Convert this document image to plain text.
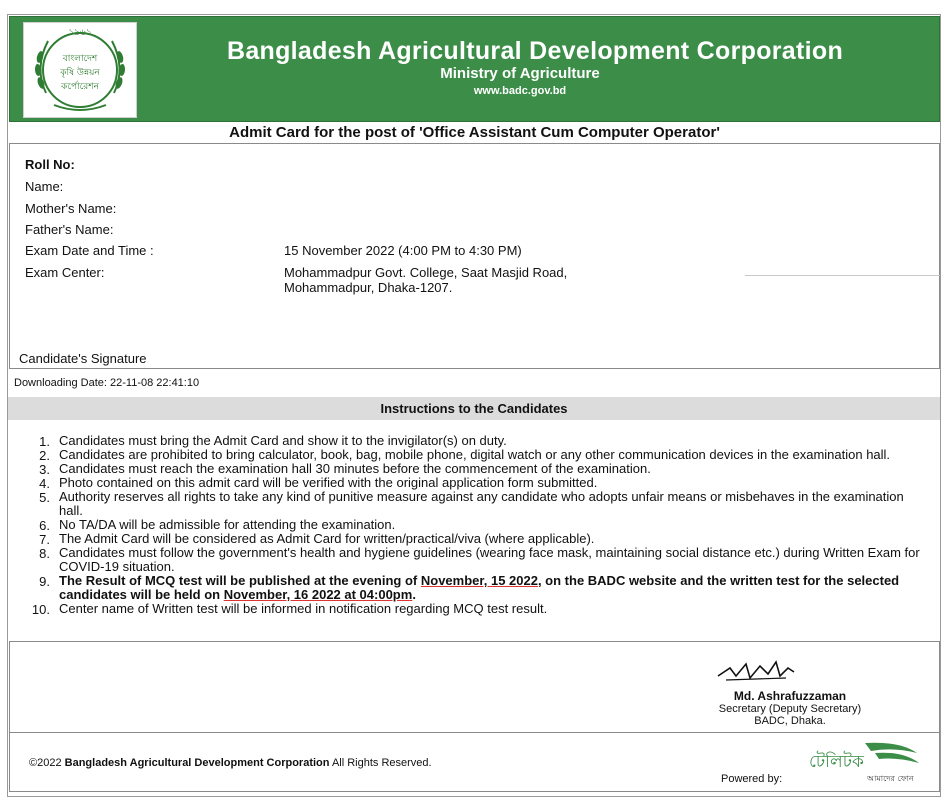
১৯৬১
বাংলাদেশ
কৃষি উন্নয়ন
কর্পোরেশন
Bangladesh Agricultural Development Corporation
Ministry of Agriculture
www.badc.gov.bd
Admit Card for the post of 'Office Assistant Cum Computer Operator'
Roll No:
Name:
Mother's Name:
Father's Name:
Exam Date and Time :	15 November 2022 (4:00 PM to 4:30 PM)
Exam Center:	Mohammadpur Govt. College, Saat Masjid Road,
Mohammadpur, Dhaka-1207.
Candidate's Signature
Downloading Date: 22-11-08 22:41:10
Instructions to the Candidates
1. Candidates must bring the Admit Card and show it to the invigilator(s) on duty.
2. Candidates are prohibited to bring calculator, book, bag, mobile phone, digital watch or any other communication devices in the examination hall.
3. Candidates must reach the examination hall 30 minutes before the commencement of the examination.
4. Photo contained on this admit card will be verified with the original application form submitted.
5. Authority reserves all rights to take any kind of punitive measure against any candidate who adopts unfair means or misbehaves in the examination hall.
6. No TA/DA will be admissible for attending the examination.
7. The Admit Card will be considered as Admit Card for written/practical/viva (where applicable).
8. Candidates must follow the government's health and hygiene guidelines (wearing face mask, maintaining social distance etc.) during Written Exam for COVID-19 situation.
9. The Result of MCQ test will be published at the evening of November, 15 2022, on the BADC website and the written test for the selected candidates will be held on November, 16 2022 at 04:00pm.
10. Center name of Written test will be informed in notification regarding MCQ test result.
Md. Ashrafuzzaman
Secretary (Deputy Secretary)
BADC, Dhaka.
©2022 Bangladesh Agricultural Development Corporation All Rights Reserved.
Powered by:
টেলিটক
আমাদের ফোন
